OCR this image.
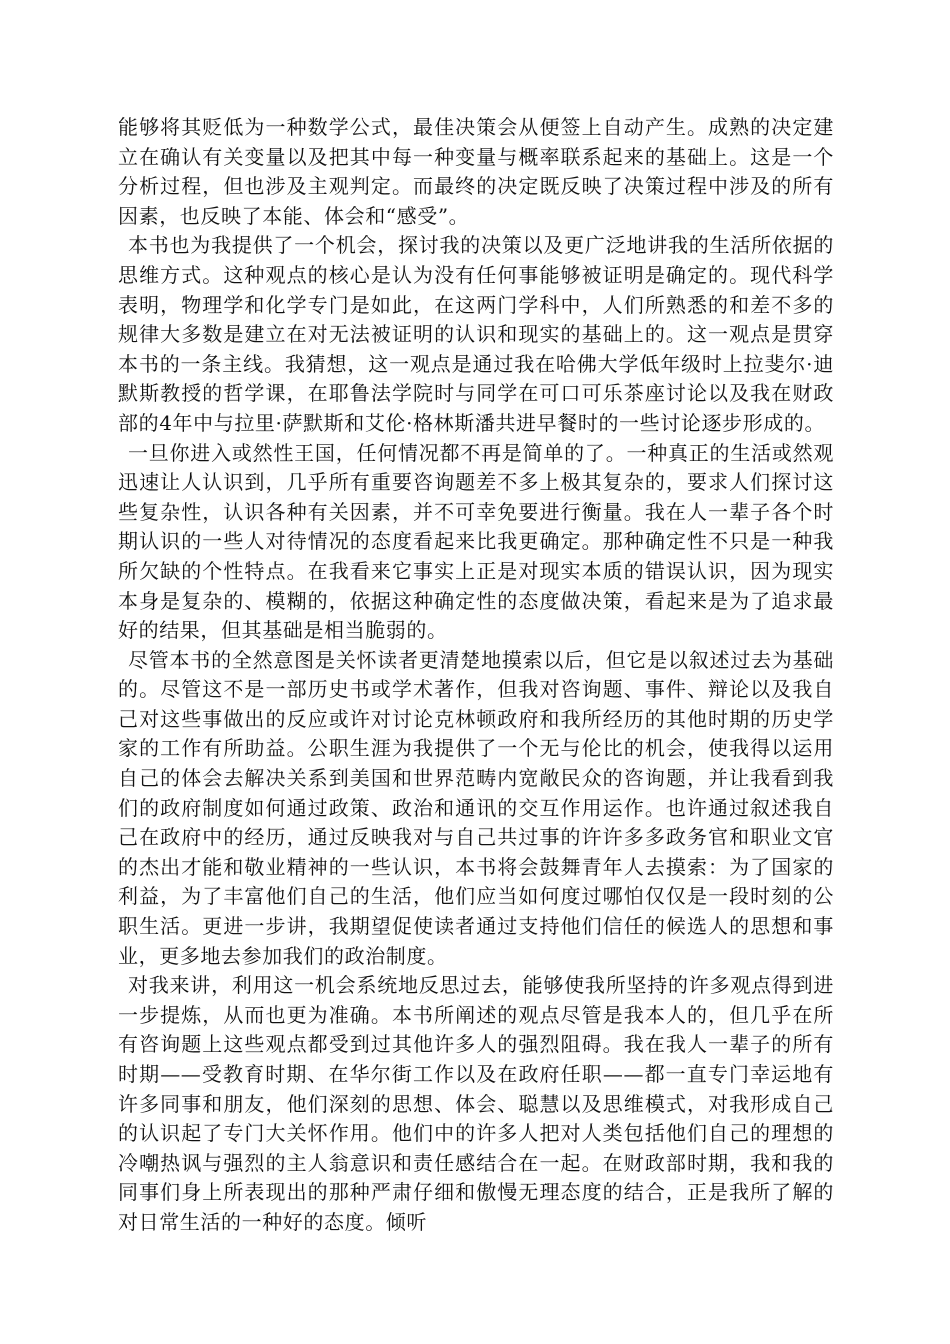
能够将其贬低为一种数学公式，最佳决策会从便签上自动产生。成熟的决定建立在确认有关变量以及把其中每一种变量与概率联系起来的基础上。这是一个分析过程，但也涉及主观判定。而最终的决定既反映了决策过程中涉及的所有因素，也反映了本能、体会和“感受”。

本书也为我提供了一个机会，探讨我的决策以及更广泛地讲我的生活所依据的思维方式。这种观点的核心是认为没有任何事能够被证明是确定的。现代科学表明，物理学和化学专门是如此，在这两门学科中，人们所熟悉的和差不多的规律大多数是建立在对无法被证明的认识和现实的基础上的。这一观点是贯穿本书的一条主线。我猜想，这一观点是通过我在哈佛大学低年级时上拉斐尔·迪默斯教授的哲学课，在耶鲁法学院时与同学在可口可乐茶座讨论以及我在财政部的4年中与拉里·萨默斯和艾伦·格林斯潘共进早餐时的一些讨论逐步形成的。

一旦你进入或然性王国，任何情况都不再是简单的了。一种真正的生活或然观迅速让人认识到，几乎所有重要咨询题差不多上极其复杂的，要求人们探讨这些复杂性，认识各种有关因素，并不可幸免要进行衡量。我在人一辈子各个时期认识的一些人对待情况的态度看起来比我更确定。那种确定性不只是一种我所欠缺的个性特点。在我看来它事实上正是对现实本质的错误认识，因为现实本身是复杂的、模糊的，依据这种确定性的态度做决策，看起来是为了追求最好的结果，但其基础是相当脆弱的。

尽管本书的全然意图是关怀读者更清楚地摸索以后，但它是以叙述过去为基础的。尽管这不是一部历史书或学术著作，但我对咨询题、事件、辩论以及我自己对这些事做出的反应或许对讨论克林顿政府和我所经历的其他时期的历史学家的工作有所助益。公职生涯为我提供了一个无与伦比的机会，使我得以运用自己的体会去解决关系到美国和世界范畴内宽敞民众的咨询题，并让我看到我们的政府制度如何通过政策、政治和通讯的交互作用运作。也许通过叙述我自己在政府中的经历，通过反映我对与自己共过事的许许多多政务官和职业文官的杰出才能和敬业精神的一些认识，本书将会鼓舞青年人去摸索：为了国家的利益，为了丰富他们自己的生活，他们应当如何度过哪怕仅仅是一段时刻的公职生活。更进一步讲，我期望促使读者通过支持他们信任的候选人的思想和事业，更多地去参加我们的政治制度。

对我来讲，利用这一机会系统地反思过去，能够使我所坚持的许多观点得到进一步提炼，从而也更为准确。本书所阐述的观点尽管是我本人的，但几乎在所有咨询题上这些观点都受到过其他许多人的强烈阻碍。我在我人一辈子的所有时期——受教育时期、在华尔街工作以及在政府任职——都一直专门幸运地有许多同事和朋友，他们深刻的思想、体会、聪慧以及思维模式，对我形成自己的认识起了专门大关怀作用。他们中的许多人把对人类包括他们自己的理想的冷嘲热讽与强烈的主人翁意识和责任感结合在一起。在财政部时期，我和我的同事们身上所表现出的那种严肃仔细和傲慢无理态度的结合，正是我所了解的对日常生活的一种好的态度。倾听
